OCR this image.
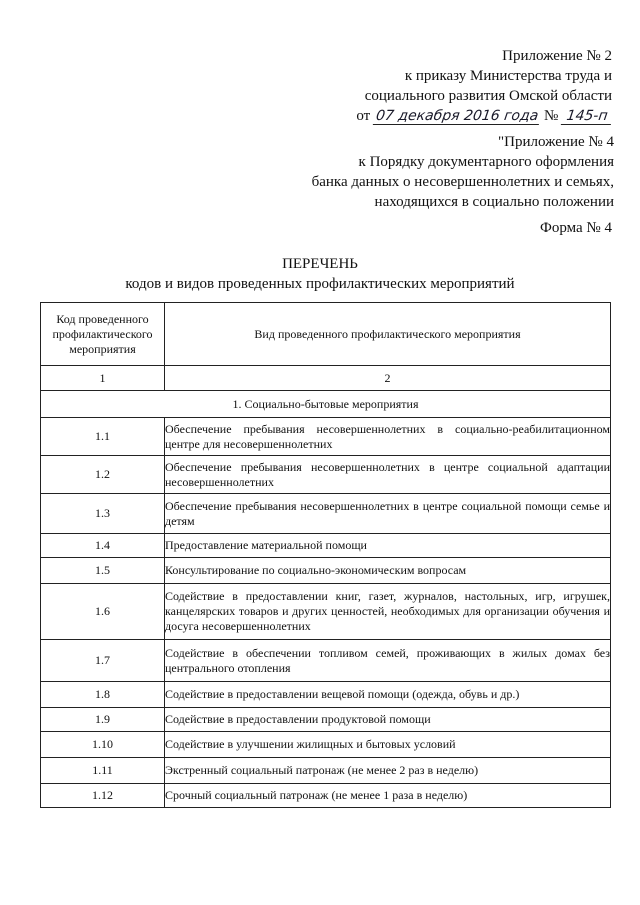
Приложение № 2
к приказу Министерства труда и
социального развития Омской области
от 07 декабря 2016 года № 145-п
"Приложение № 4
к Порядку документарного оформления
банка данных о несовершеннолетних и семьях,
находящихся в социально положении
Форма № 4
ПЕРЕЧЕНЬ
кодов и видов проведенных профилактических мероприятий
Код проведенного профилактического мероприятия	Вид проведенного профилактического мероприятия
1	2
1. Социально-бытовые мероприятия	
1.1	Обеспечение пребывания несовершеннолетних в социально-реабилитационном центре для несовершеннолетних
1.2	Обеспечение пребывания несовершеннолетних в центре социальной адаптации несовершеннолетних
1.3	Обеспечение пребывания несовершеннолетних в центре социальной помощи семье и детям
1.4	Предоставление материальной помощи
1.5	Консультирование по социально-экономическим вопросам
1.6	Содействие в предоставлении книг, газет, журналов, настольных, игр, игрушек, канцелярских товаров и других ценностей, необходимых для организации обучения и досуга несовершеннолетних
1.7	Содействие в обеспечении топливом семей, проживающих в жилых домах без центрального отопления
1.8	Содействие в предоставлении вещевой помощи (одежда, обувь и др.)
1.9	Содействие в предоставлении продуктовой помощи
1.10	Содействие в улучшении жилищных и бытовых условий
1.11	Экстренный социальный патронаж (не менее 2 раз в неделю)
1.12	Срочный социальный патронаж (не менее 1 раза в неделю)
